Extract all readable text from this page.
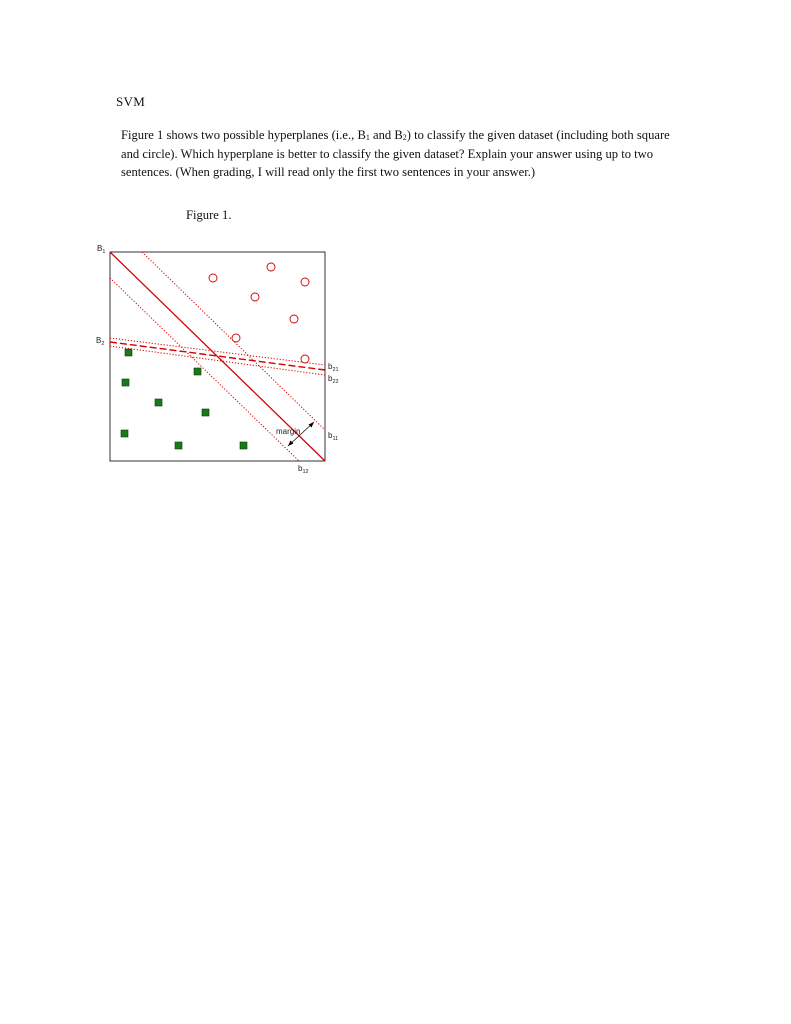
SVM
Figure 1 shows two possible hyperplanes (i.e., $B_1$ and $B_2$) to classify the given dataset (including both square and circle). Which hyperplane is better to classify the given dataset? Explain your answer using up to two sentences. (When grading, I will read only the first two sentences in your answer.)
Figure 1.
margin
$B_1$
$B_2$
$b_{21}$
$b_{22}$
$b_{11}$
$b_{12}$
